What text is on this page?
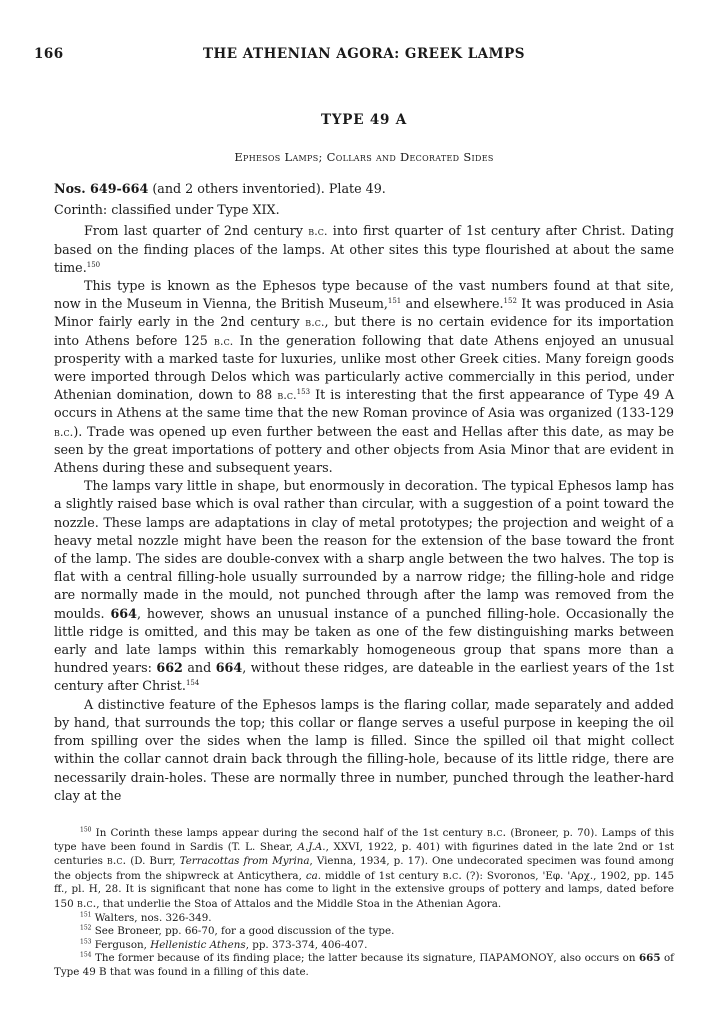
166	THE ATHENIAN AGORA: GREEK LAMPS
TYPE 49 A
Ephesos Lamps; Collars and Decorated Sides

Nos. 649-664 (and 2 others inventoried). Plate 49.

Corinth: classified under Type XIX.

From last quarter of 2nd century b.c. into first quarter of 1st century after Christ. Dating based on the finding places of the lamps. At other sites this type flourished at about the same time.$^{150}$

This type is known as the Ephesos type because of the vast numbers found at that site, now in the Museum in Vienna, the British Museum,$^{151}$ and elsewhere.$^{152}$ It was produced in Asia Minor fairly early in the 2nd century b.c., but there is no certain evidence for its importation into Athens before 125 b.c. In the generation following that date Athens enjoyed an unusual prosperity with a marked taste for luxuries, unlike most other Greek cities. Many foreign goods were imported through Delos which was particularly active commercially in this period, under Athenian domination, down to 88 b.c.$^{153}$ It is interesting that the first appearance of Type 49 A occurs in Athens at the same time that the new Roman province of Asia was organized (133-129 b.c.). Trade was opened up even further between the east and Hellas after this date, as may be seen by the great importations of pottery and other objects from Asia Minor that are evident in Athens during these and subsequent years.

The lamps vary little in shape, but enormously in decoration. The typical Ephesos lamp has a slightly raised base which is oval rather than circular, with a suggestion of a point toward the nozzle. These lamps are adaptations in clay of metal prototypes; the projection and weight of a heavy metal nozzle might have been the reason for the extension of the base toward the front of the lamp. The sides are double-convex with a sharp angle between the two halves. The top is flat with a central filling-hole usually surrounded by a narrow ridge; the filling-hole and ridge are normally made in the mould, not punched through after the lamp was removed from the moulds. 664, however, shows an unusual instance of a punched filling-hole. Occasionally the little ridge is omitted, and this may be taken as one of the few distinguishing marks between early and late lamps within this remarkably homogeneous group that spans more than a hundred years: 662 and 664, without these ridges, are dateable in the earliest years of the 1st century after Christ.$^{154}$

A distinctive feature of the Ephesos lamps is the flaring collar, made separately and added by hand, that surrounds the top; this collar or flange serves a useful purpose in keeping the oil from spilling over the sides when the lamp is filled. Since the spilled oil that might collect within the collar cannot drain back through the filling-hole, because of its little ridge, there are necessarily drain-holes. These are normally three in number, punched through the leather-hard clay at the

$^{150}$ In Corinth these lamps appear during the second half of the 1st century b.c. (Broneer, p. 70). Lamps of this type have been found in Sardis (T. L. Shear, A.J.A., XXVI, 1922, p. 401) with figurines dated in the late 2nd or 1st centuries b.c. (D. Burr, Terracottas from Myrina, Vienna, 1934, p. 17). One undecorated specimen was found among the objects from the shipwreck at Anticythera, ca. middle of 1st century b.c. (?): Svoronos, 'Εφ. 'Αρχ., 1902, pp. 145 ff., pl. H, 28. It is significant that none has come to light in the extensive groups of pottery and lamps, dated before 150 b.c., that underlie the Stoa of Attalos and the Middle Stoa in the Athenian Agora.

$^{151}$ Walters, nos. 326-349.

$^{152}$ See Broneer, pp. 66-70, for a good discussion of the type.

$^{153}$ Ferguson, Hellenistic Athens, pp. 373-374, 406-407.

$^{154}$ The former because of its finding place; the latter because its signature, ΠΑΡΑΜΟΝΟΥ, also occurs on 665 of Type 49 B that was found in a filling of this date.
